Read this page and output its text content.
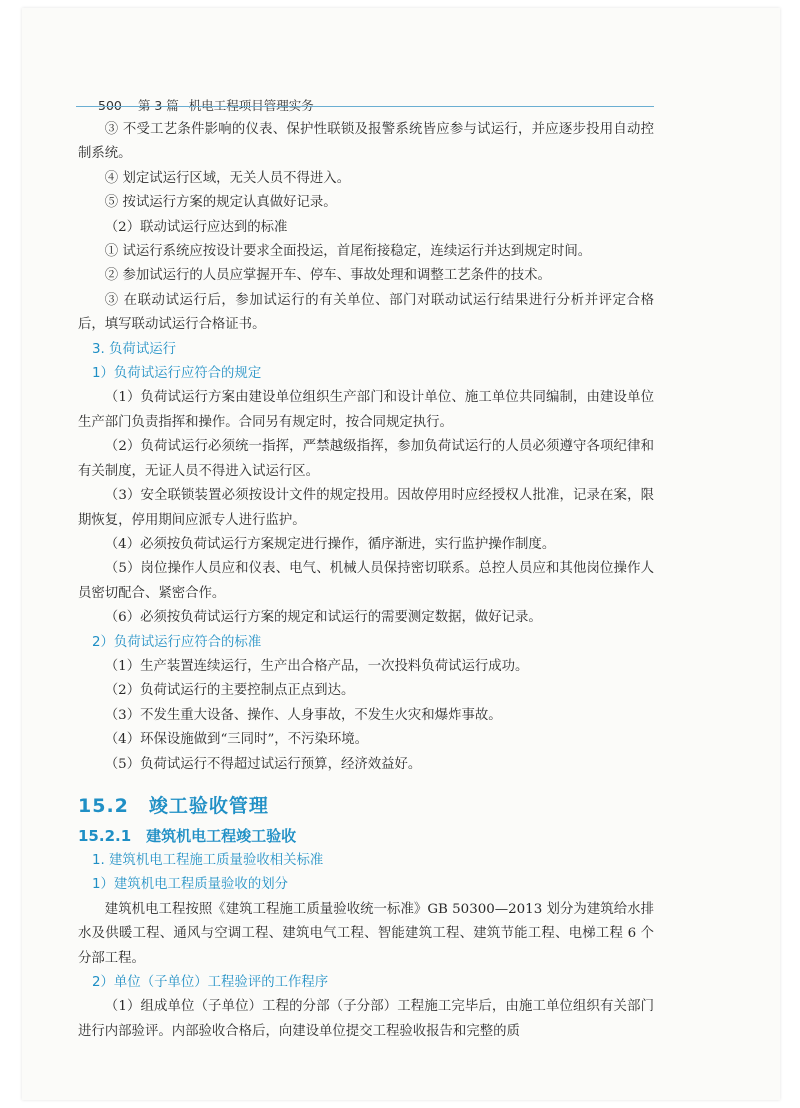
500 第 3 篇 机电工程项目管理实务

③ 不受工艺条件影响的仪表、保护性联锁及报警系统皆应参与试运行，并应逐步投用自动控制系统。

④ 划定试运行区域，无关人员不得进入。

⑤ 按试运行方案的规定认真做好记录。

（2）联动试运行应达到的标准

① 试运行系统应按设计要求全面投运，首尾衔接稳定，连续运行并达到规定时间。

② 参加试运行的人员应掌握开车、停车、事故处理和调整工艺条件的技术。

③ 在联动试运行后，参加试运行的有关单位、部门对联动试运行结果进行分析并评定合格后，填写联动试运行合格证书。

3. 负荷试运行

1）负荷试运行应符合的规定

（1）负荷试运行方案由建设单位组织生产部门和设计单位、施工单位共同编制，由建设单位生产部门负责指挥和操作。合同另有规定时，按合同规定执行。

（2）负荷试运行必须统一指挥，严禁越级指挥，参加负荷试运行的人员必须遵守各项纪律和有关制度，无证人员不得进入试运行区。

（3）安全联锁装置必须按设计文件的规定投用。因故停用时应经授权人批准，记录在案，限期恢复，停用期间应派专人进行监护。

（4）必须按负荷试运行方案规定进行操作，循序渐进，实行监护操作制度。

（5）岗位操作人员应和仪表、电气、机械人员保持密切联系。总控人员应和其他岗位操作人员密切配合、紧密合作。

（6）必须按负荷试运行方案的规定和试运行的需要测定数据，做好记录。

2）负荷试运行应符合的标准

（1）生产装置连续运行，生产出合格产品，一次投料负荷试运行成功。

（2）负荷试运行的主要控制点正点到达。

（3）不发生重大设备、操作、人身事故，不发生火灾和爆炸事故。

（4）环保设施做到“三同时”，不污染环境。

（5）负荷试运行不得超过试运行预算，经济效益好。

15.2　竣工验收管理

15.2.1　建筑机电工程竣工验收

1. 建筑机电工程施工质量验收相关标准

1）建筑机电工程质量验收的划分

建筑机电工程按照《建筑工程施工质量验收统一标准》GB 50300—2013 划分为建筑给水排水及供暖工程、通风与空调工程、建筑电气工程、智能建筑工程、建筑节能工程、电梯工程 6 个分部工程。

2）单位（子单位）工程验评的工作程序

（1）组成单位（子单位）工程的分部（子分部）工程施工完毕后，由施工单位组织有关部门进行内部验评。内部验收合格后，向建设单位提交工程验收报告和完整的质
